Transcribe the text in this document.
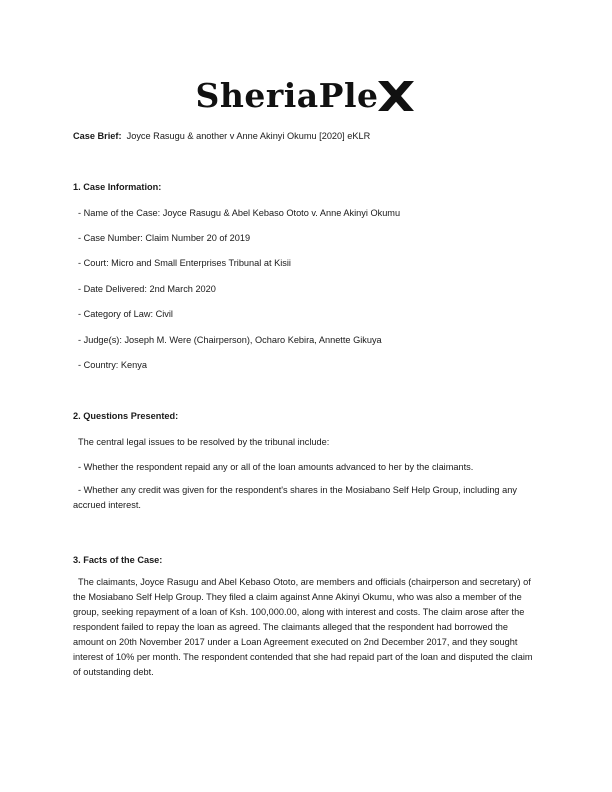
SheriaPle
Case Brief: Joyce Rasugu & another v Anne Akinyi Okumu [2020] eKLR
1. Case Information:
- Name of the Case: Joyce Rasugu & Abel Kebaso Ototo v. Anne Akinyi Okumu
- Case Number: Claim Number 20 of 2019
- Court: Micro and Small Enterprises Tribunal at Kisii
- Date Delivered: 2nd March 2020
- Category of Law: Civil
- Judge(s): Joseph M. Were (Chairperson), Ocharo Kebira, Annette Gikuya
- Country: Kenya
2. Questions Presented:
The central legal issues to be resolved by the tribunal include:
- Whether the respondent repaid any or all of the loan amounts advanced to her by the claimants.
- Whether any credit was given for the respondent's shares in the Mosiabano Self Help Group, including any accrued interest.
3. Facts of the Case:
The claimants, Joyce Rasugu and Abel Kebaso Ototo, are members and officials (chairperson and secretary) of the Mosiabano Self Help Group. They filed a claim against Anne Akinyi Okumu, who was also a member of the group, seeking repayment of a loan of Ksh. 100,000.00, along with interest and costs. The claim arose after the respondent failed to repay the loan as agreed. The claimants alleged that the respondent had borrowed the amount on 20th November 2017 under a Loan Agreement executed on 2nd December 2017, and they sought interest of 10% per month. The respondent contended that she had repaid part of the loan and disputed the claim of outstanding debt.
